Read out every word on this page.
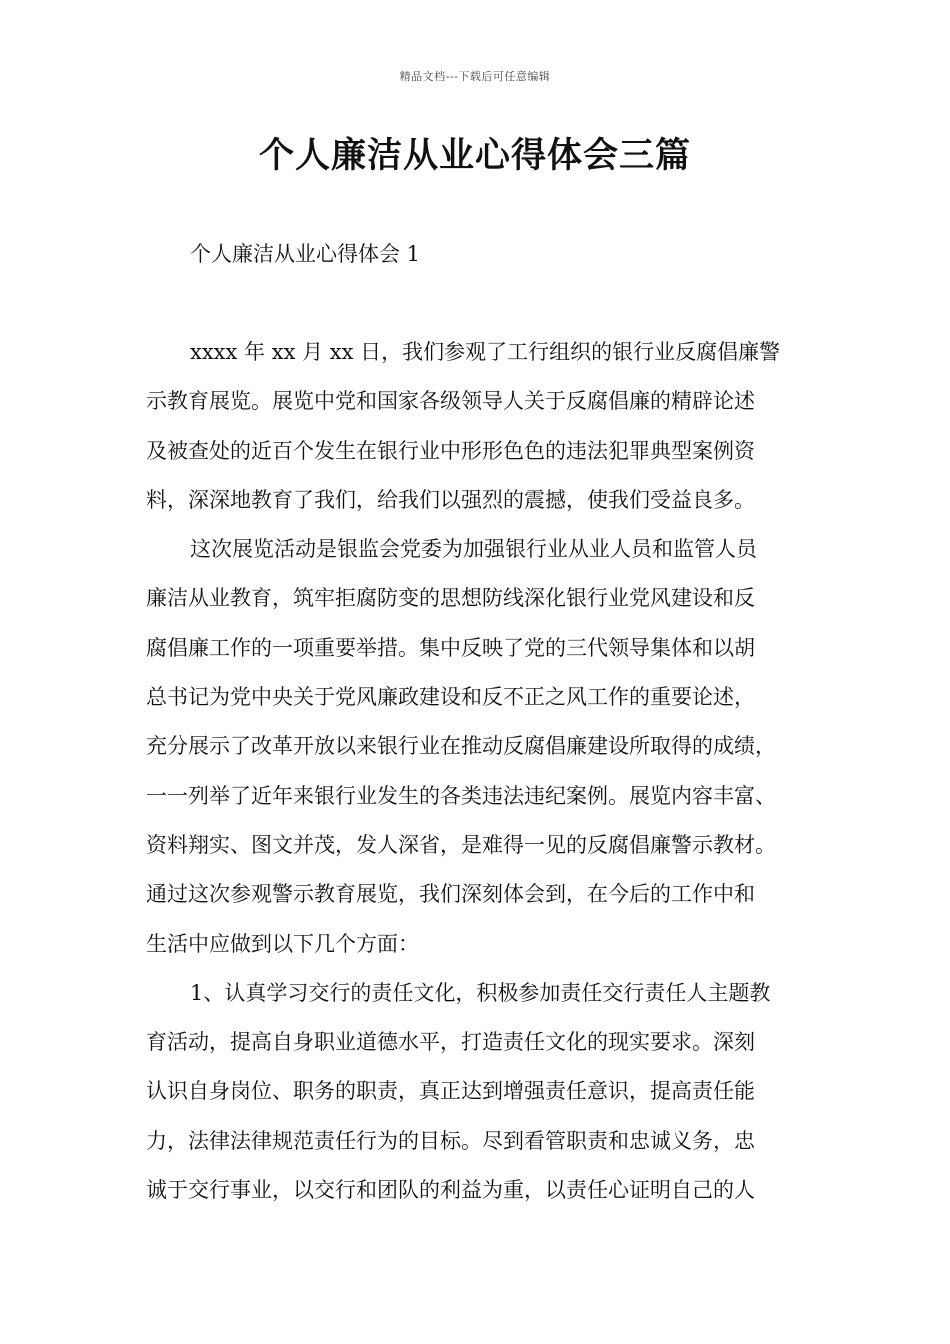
精品文档---下载后可任意编辑
个人廉洁从业心得体会三篇

个人廉洁从业心得体会 1

xxxx 年 xx 月 xx 日，我们参观了工行组织的银行业反腐倡廉警
示教育展览。展览中党和国家各级领导人关于反腐倡廉的精辟论述
及被查处的近百个发生在银行业中形形色色的违法犯罪典型案例资
料，深深地教育了我们，给我们以强烈的震撼，使我们受益良多。

这次展览活动是银监会党委为加强银行业从业人员和监管人员
廉洁从业教育，筑牢拒腐防变的思想防线深化银行业党风建设和反
腐倡廉工作的一项重要举措。集中反映了党的三代领导集体和以胡
总书记为党中央关于党风廉政建设和反不正之风工作的重要论述，
充分展示了改革开放以来银行业在推动反腐倡廉建设所取得的成绩，
一一列举了近年来银行业发生的各类违法违纪案例。展览内容丰富、
资料翔实、图文并茂，发人深省，是难得一见的反腐倡廉警示教材。
通过这次参观警示教育展览，我们深刻体会到，在今后的工作中和
生活中应做到以下几个方面：

1、认真学习交行的责任文化，积极参加责任交行责任人主题教
育活动，提高自身职业道德水平，打造责任文化的现实要求。深刻
认识自身岗位、职务的职责，真正达到增强责任意识，提高责任能
力，法律法律规范责任行为的目标。尽到看管职责和忠诚义务，忠
诚于交行事业，以交行和团队的利益为重，以责任心证明自己的人
